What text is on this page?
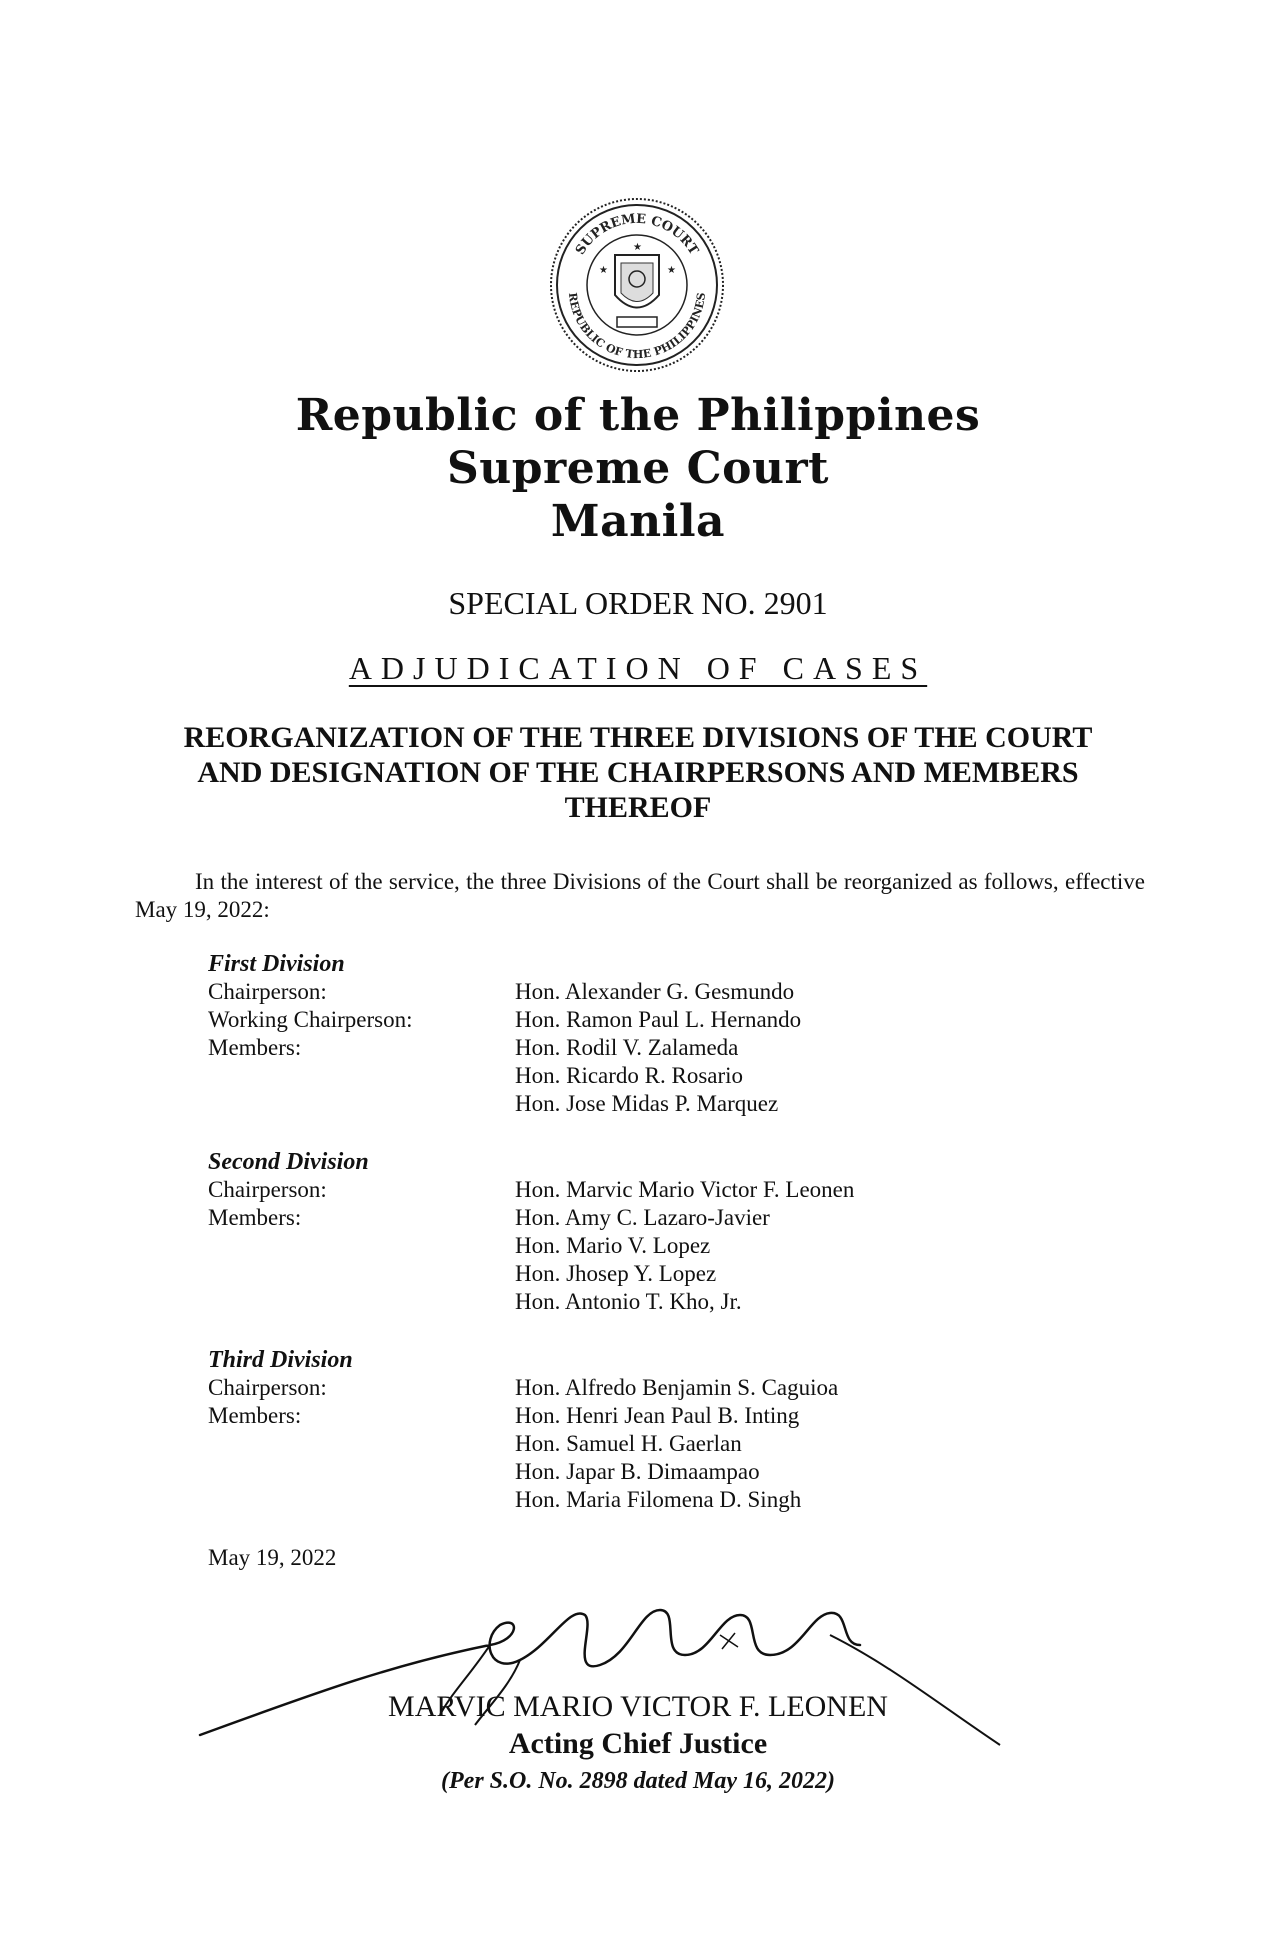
SUPREME COURT
REPUBLIC OF THE PHILIPPINES
★	★
★
Republic of the Philippines
Supreme Court
Manila
SPECIAL ORDER NO. 2901
ADJUDICATION OF CASES
REORGANIZATION OF THE THREE DIVISIONS OF THE COURT AND DESIGNATION OF THE CHAIRPERSONS AND MEMBERS THEREOF
In the interest of the service, the three Divisions of the Court shall be reorganized as follows, effective May 19, 2022:
First Division
Chairperson:	Hon. Alexander G. Gesmundo
Working Chairperson:	Hon. Ramon Paul L. Hernando
Members:	Hon. Rodil V. Zalameda
Hon. Ricardo R. Rosario
Hon. Jose Midas P. Marquez
Second Division
Chairperson:	Hon. Marvic Mario Victor F. Leonen
Members:	Hon. Amy C. Lazaro-Javier
Hon. Mario V. Lopez
Hon. Jhosep Y. Lopez
Hon. Antonio T. Kho, Jr.
Third Division
Chairperson:	Hon. Alfredo Benjamin S. Caguioa
Members:	Hon. Henri Jean Paul B. Inting
Hon. Samuel H. Gaerlan
Hon. Japar B. Dimaampao
Hon. Maria Filomena D. Singh
May 19, 2022
MARVIC MARIO VICTOR F. LEONEN
Acting Chief Justice
(Per S.O. No. 2898 dated May 16, 2022)
